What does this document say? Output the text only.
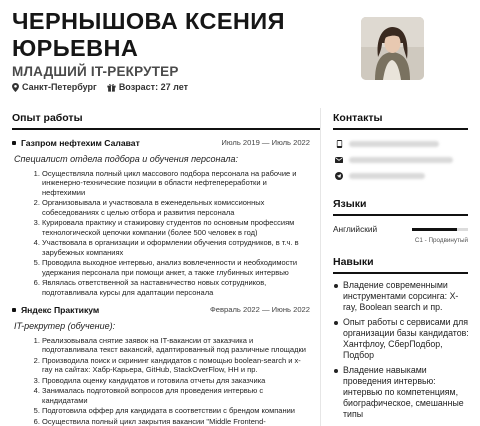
ЧЕРНЫШОВА КСЕНИЯ ЮРЬЕВНА
МЛАДШИЙ IT-РЕКРУТЕР
Санкт-Петербург Возраст: 27 лет
Опыт работы
Газпром нефтехим Салават	Июль 2019 — Июль 2022
Специалист отдела подбора и обучения персонала:
1. Осуществляла полный цикл массового подбора персонала на рабочие и инженерно-технические позиции в области нефтепереработки и нефтехимии
2. Организовывала и участвовала в еженедельных комиссионных собеседованиях с целью отбора и развития персонала
3. Курировала практику и стажировку студентов по основным профессиям технологической цепочки компании (более 500 человек в год)
4. Участвовала в организации и оформлении обучения сотрудников, в т.ч. в зарубежных компаниях
5. Проводила выходное интервью, анализ вовлеченности и необходимости удержания персонала при помощи анкет, а также глубинных интервью
6. Являлась ответственной за наставничество новых сотрудников, подготавливала курсы для адаптации персонала
Яндекс Практикум	Февраль 2022 — Июнь 2022
IT-рекрутер (обучение):
1. Реализовывала снятие заявок на IT-вакансии от заказчика и подготавливала текст вакансий, адаптированный под различные площадки
2. Производила поиск и скрининг кандидатов с помощью boolean-search и x-ray на сайтах: Хабр-Карьера, GitHub, StackOverFlow, HH и пр.
3. Проводила оценку кандидатов и готовила отчеты для заказчика
4. Занималась подготовкой вопросов для проведения интервью с кандидатами
5. Подготовила оффер для кандидата в соответствии с брендом компании
6. Осуществила полный цикл закрытия вакансии "Middle Frontend-
Контакты
Языки
Английский
C1 - Продвинутый
Навыки
Владение современными инструментами сорсинга: X-ray, Boolean search и пр.
Опыт работы с сервисами для организации базы кандидатов: Хантфлоу, СберПодбор, Подбор
Владение навыками проведения интервью: интервью по компетенциям, биографическое, смешанные типы
